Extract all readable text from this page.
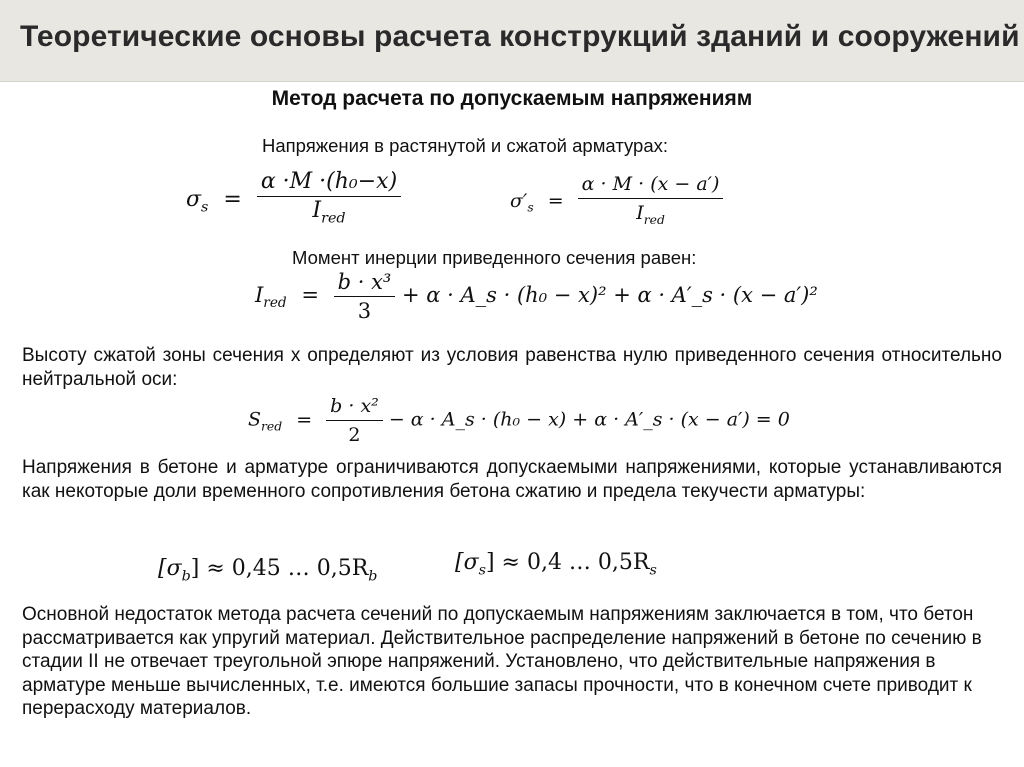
Теоретические основы расчета конструкций зданий и сооружений
Метод расчета по допускаемым напряжениям
Напряжения в растянутой и сжатой арматурах:
$\sigma_s = \frac{\text{α ·M ·(h₀−x)}}{I_{red}}$	$\sigma'_s = \frac{\alpha \cdot M \cdot (x - a')}{I_{red}}$
Момент инерции приведенного сечения равен:
$I_{red} = \frac{\text{b · x³}}{3} + \alpha$ · A_s · (h₀ − x)² + α · A′_s · (x − a′)²
Высоту сжатой зоны сечения x определяют из условия равенства нулю приведенного сечения относительно нейтральной оси:
$S_{red} = \frac{\text{b · x²}}{2} - \alpha$ · A_s · (h₀ − x) + α · A′_s · (x − a′) = 0
Напряжения в бетоне и арматуре ограничиваются допускаемыми напряжениями, которые устанавливаются как некоторые доли временного сопротивления бетона сжатию и предела текучести арматуры:
$[\sigma_b] \approx 0,45$ … $0,5R_b$
$[\sigma_s] \approx 0,4$ … $0,5R_s$
Основной недостаток метода расчета сечений по допускаемым напряжениям заключается в том, что бетон рассматривается как упругий материал. Действительное распределение напряжений в бетоне по сечению в стадии II не отвечает треугольной эпюре напряжений. Установлено, что действительные напряжения в арматуре меньше вычисленных, т.е. имеются большие запасы прочности, что в конечном счете приводит к перерасходу материалов.
